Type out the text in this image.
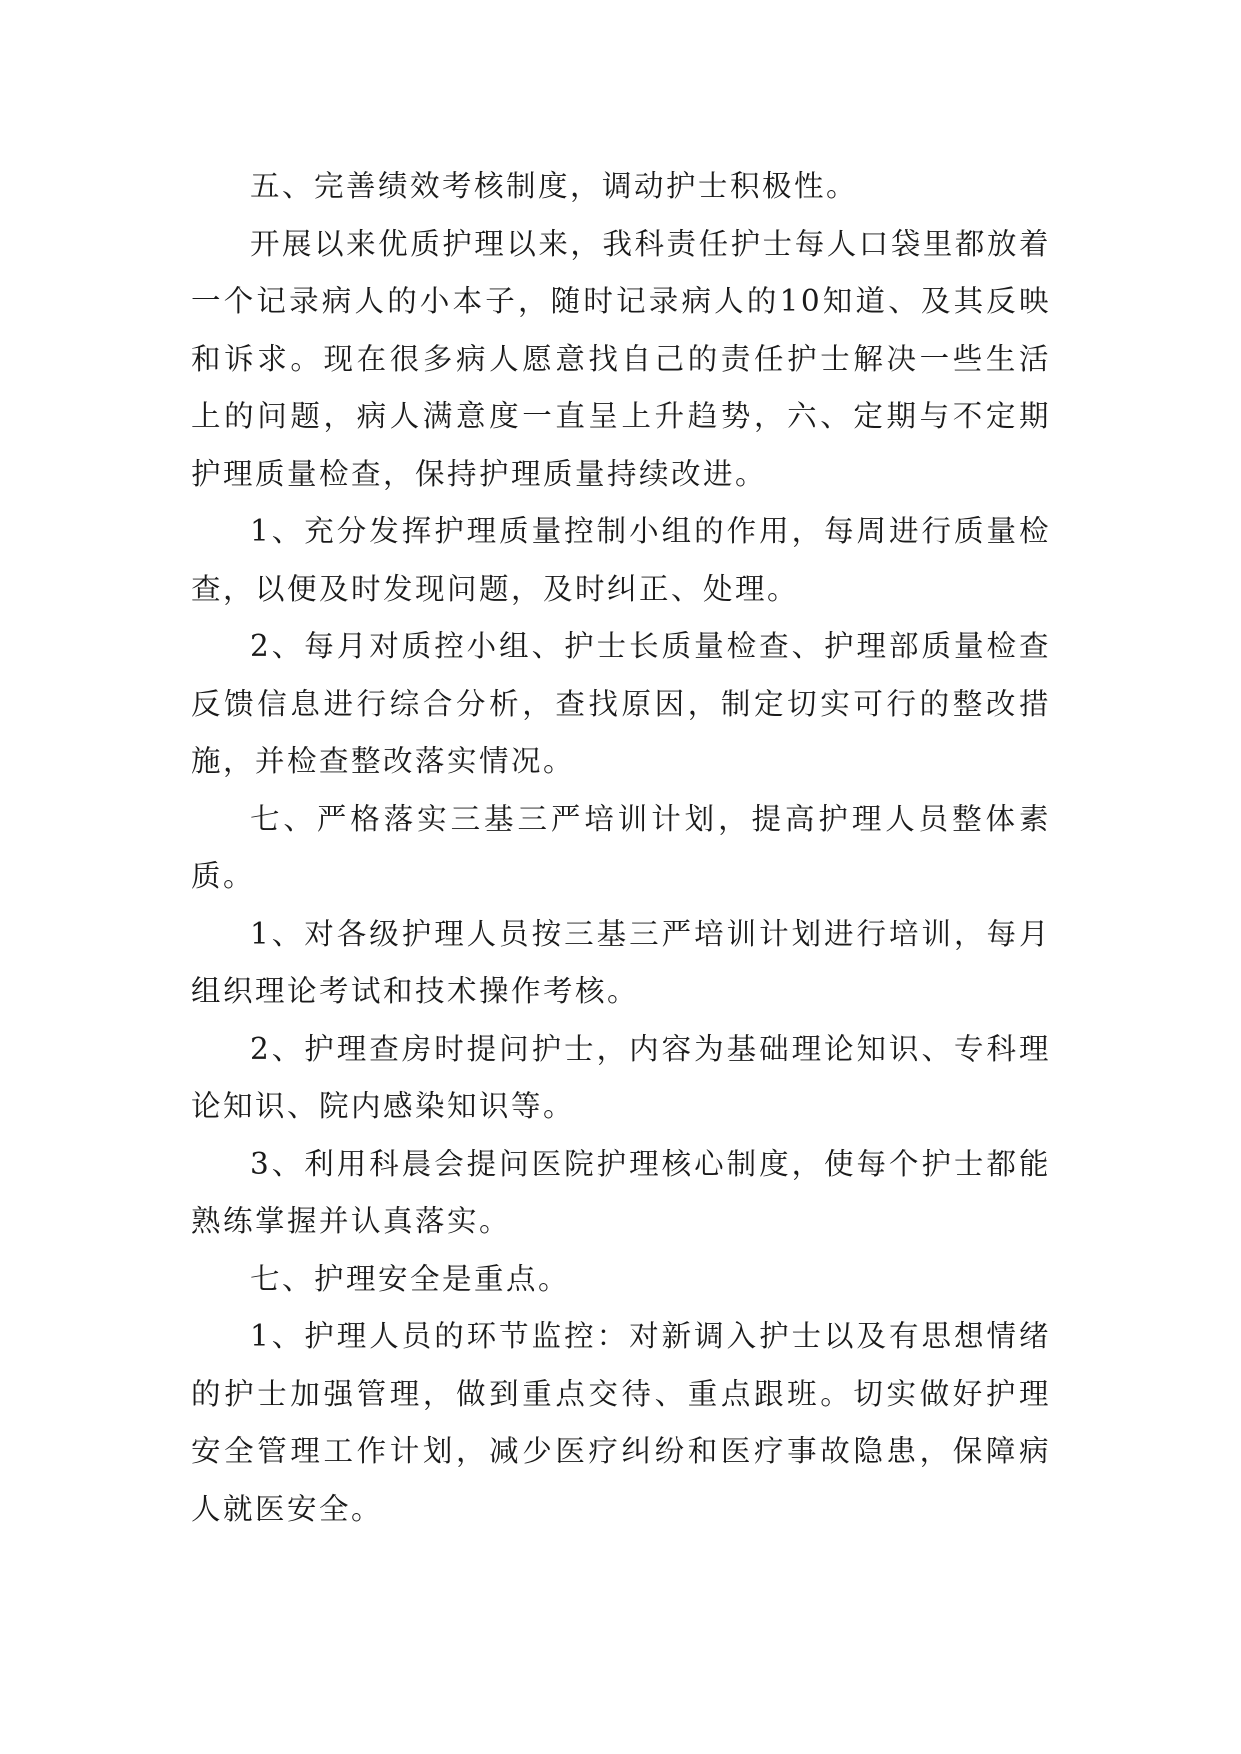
五、完善绩效考核制度，调动护士积极性。

开展以来优质护理以来，我科责任护士每人口袋里都放着一个记录病人的小本子，随时记录病人的10知道、及其反映和诉求。现在很多病人愿意找自己的责任护士解决一些生活上的问题，病人满意度一直呈上升趋势，六、定期与不定期护理质量检查，保持护理质量持续改进。

1、充分发挥护理质量控制小组的作用，每周进行质量检查，以便及时发现问题，及时纠正、处理。

2、每月对质控小组、护士长质量检查、护理部质量检查反馈信息进行综合分析，查找原因，制定切实可行的整改措施，并检查整改落实情况。

七、严格落实三基三严培训计划，提高护理人员整体素质。

1、对各级护理人员按三基三严培训计划进行培训，每月组织理论考试和技术操作考核。

2、护理查房时提问护士，内容为基础理论知识、专科理论知识、院内感染知识等。

3、利用科晨会提问医院护理核心制度，使每个护士都能熟练掌握并认真落实。

七、护理安全是重点。

1、护理人员的环节监控：对新调入护士以及有思想情绪的护士加强管理，做到重点交待、重点跟班。切实做好护理安全管理工作计划，减少医疗纠纷和医疗事故隐患，保障病人就医安全。
